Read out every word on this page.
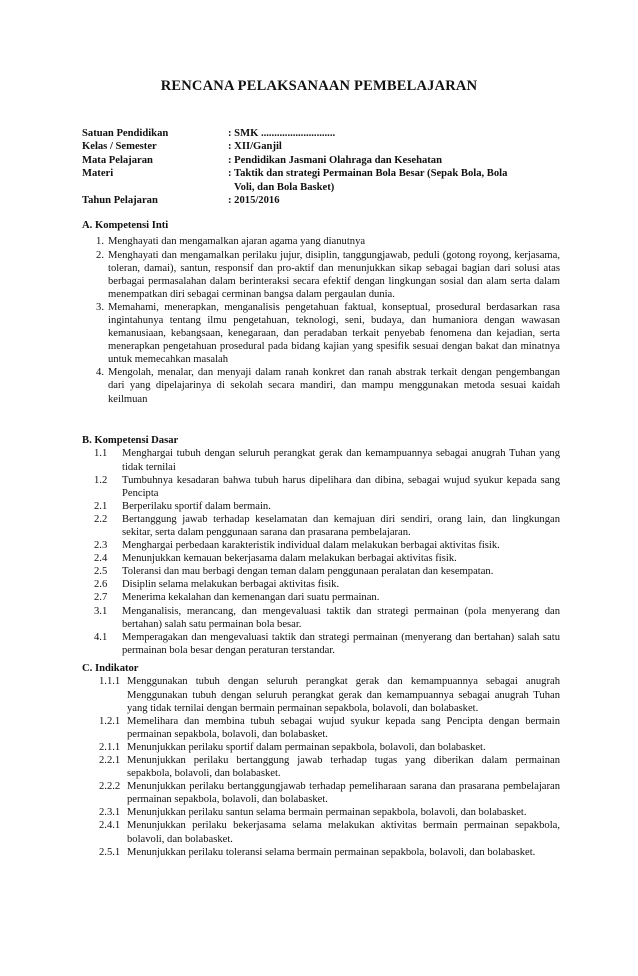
RENCANA PELAKSANAAN PEMBELAJARAN
Satuan Pendidikan	: SMK ............................
Kelas / Semester	: XII/Ganjil
Mata Pelajaran	: Pendidikan Jasmani Olahraga dan Kesehatan
Materi	: Taktik dan strategi Permainan Bola Besar (Sepak Bola, Bola
Voli, dan Bola Basket)
Tahun Pelajaran	: 2015/2016
A. Kompetensi Inti
1. Menghayati dan mengamalkan ajaran agama yang dianutnya
2. Menghayati dan mengamalkan perilaku jujur, disiplin, tanggungjawab, peduli (gotong royong, kerjasama, toleran, damai), santun, responsif dan pro-aktif dan menunjukkan sikap sebagai bagian dari solusi atas berbagai permasalahan dalam berinteraksi secara efektif dengan lingkungan sosial dan alam serta dalam menempatkan diri sebagai cerminan bangsa dalam pergaulan dunia.
3. Memahami, menerapkan, menganalisis pengetahuan faktual, konseptual, prosedural berdasarkan rasa ingintahunya tentang ilmu pengetahuan, teknologi, seni, budaya, dan humaniora dengan wawasan kemanusiaan, kebangsaan, kenegaraan, dan peradaban terkait penyebab fenomena dan kejadian, serta menerapkan pengetahuan prosedural pada bidang kajian yang spesifik sesuai dengan bakat dan minatnya untuk memecahkan masalah
4. Mengolah, menalar, dan menyaji dalam ranah konkret dan ranah abstrak terkait dengan pengembangan dari yang dipelajarinya di sekolah secara mandiri, dan mampu menggunakan metoda sesuai kaidah keilmuan
B. Kompetensi Dasar
1.1	Menghargai tubuh dengan seluruh perangkat gerak dan kemampuannya sebagai anugrah Tuhan yang tidak ternilai
1.2	Tumbuhnya kesadaran bahwa tubuh harus dipelihara dan dibina, sebagai wujud syukur kepada sang Pencipta
2.1	Berperilaku sportif dalam bermain.
2.2	Bertanggung jawab terhadap keselamatan dan kemajuan diri sendiri, orang lain, dan lingkungan sekitar, serta dalam penggunaan sarana dan prasarana pembelajaran.
2.3	Menghargai perbedaan karakteristik individual dalam melakukan berbagai aktivitas fisik.
2.4	Menunjukkan kemauan bekerjasama dalam melakukan berbagai aktivitas fisik.
2.5	Toleransi dan mau berbagi dengan teman dalam penggunaan peralatan dan kesempatan.
2.6	Disiplin selama melakukan berbagai aktivitas fisik.
2.7	Menerima kekalahan dan kemenangan dari suatu permainan.
3.1	Menganalisis, merancang, dan mengevaluasi taktik dan strategi permainan (pola menyerang dan bertahan) salah satu permainan bola besar.
4.1	Memperagakan dan mengevaluasi taktik dan strategi permainan (menyerang dan bertahan) salah satu permainan bola besar dengan peraturan terstandar.
C. Indikator
1.1.1 Menggunakan tubuh dengan seluruh perangkat gerak dan kemampuannya sebagai anugrah Menggunakan tubuh dengan seluruh perangkat gerak dan kemampuannya sebagai anugrah Tuhan yang tidak ternilai dengan bermain permainan sepakbola, bolavoli, dan bolabasket.
1.2.1 Memelihara dan membina tubuh sebagai wujud syukur kepada sang Pencipta dengan bermain permainan sepakbola, bolavoli, dan bolabasket.
2.1.1 Menunjukkan perilaku sportif dalam permainan sepakbola, bolavoli, dan bolabasket.
2.2.1 Menunjukkan perilaku bertanggung jawab terhadap tugas yang diberikan dalam permainan sepakbola, bolavoli, dan bolabasket.
2.2.2 Menunjukkan perilaku bertanggungjawab terhadap pemeliharaan sarana dan prasarana pembelajaran permainan sepakbola, bolavoli, dan bolabasket.
2.3.1 Menunjukkan perilaku santun selama bermain permainan sepakbola, bolavoli, dan bolabasket.
2.4.1 Menunjukkan perilaku bekerjasama selama melakukan aktivitas bermain permainan sepakbola, bolavoli, dan bolabasket.
2.5.1 Menunjukkan perilaku toleransi selama bermain permainan sepakbola, bolavoli, dan bolabasket.
